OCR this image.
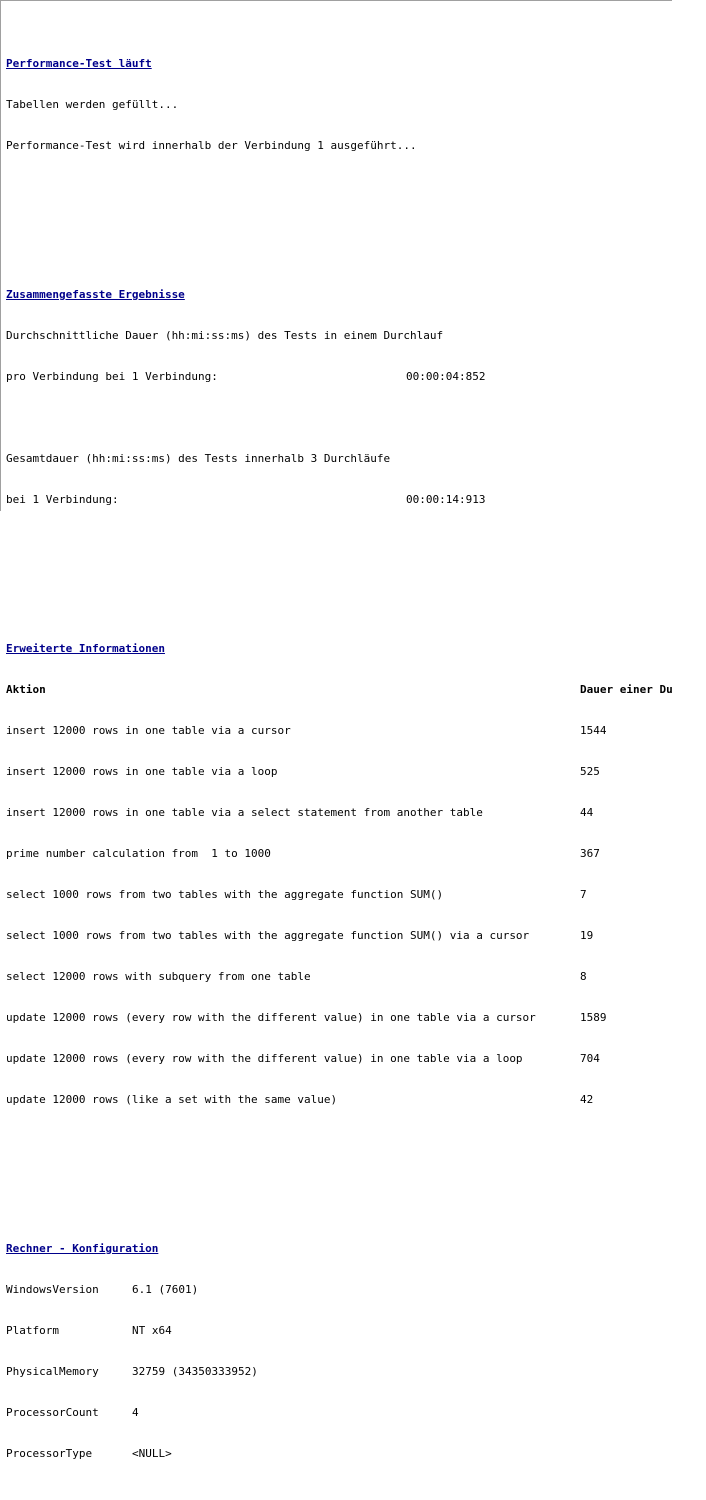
Performance-Test läuft

Tabellen werden gefüllt...

Performance-Test wird innerhalb der Verbindung 1 ausgeführt...

Zusammengefasste Ergebnisse

Durchschnittliche Dauer (hh:mi:ss:ms) des Tests in einem Durchlauf

pro Verbindung bei 1 Verbindung:	00:00:04:852

Gesamtdauer (hh:mi:ss:ms) des Tests innerhalb 3 Durchläufe

bei 1 Verbindung:	00:00:14:913

Erweiterte Informationen

Aktion	Dauer einer Du

insert 12000 rows in one table via a cursor	1544

insert 12000 rows in one table via a loop	525

insert 12000 rows in one table via a select statement from another table	44

prime number calculation from  1 to 1000	367

select 1000 rows from two tables with the aggregate function SUM()	7

select 1000 rows from two tables with the aggregate function SUM() via a cursor	19

select 12000 rows with subquery from one table	8

update 12000 rows (every row with the different value) in one table via a cursor	1589

update 12000 rows (every row with the different value) in one table via a loop	704

update 12000 rows (like a set with the same value)	42

Rechner - Konfiguration

WindowsVersion	6.1 (7601)

Platform	NT x64

PhysicalMemory	32759 (34350333952)

ProcessorCount	4

ProcessorType	<NULL>
